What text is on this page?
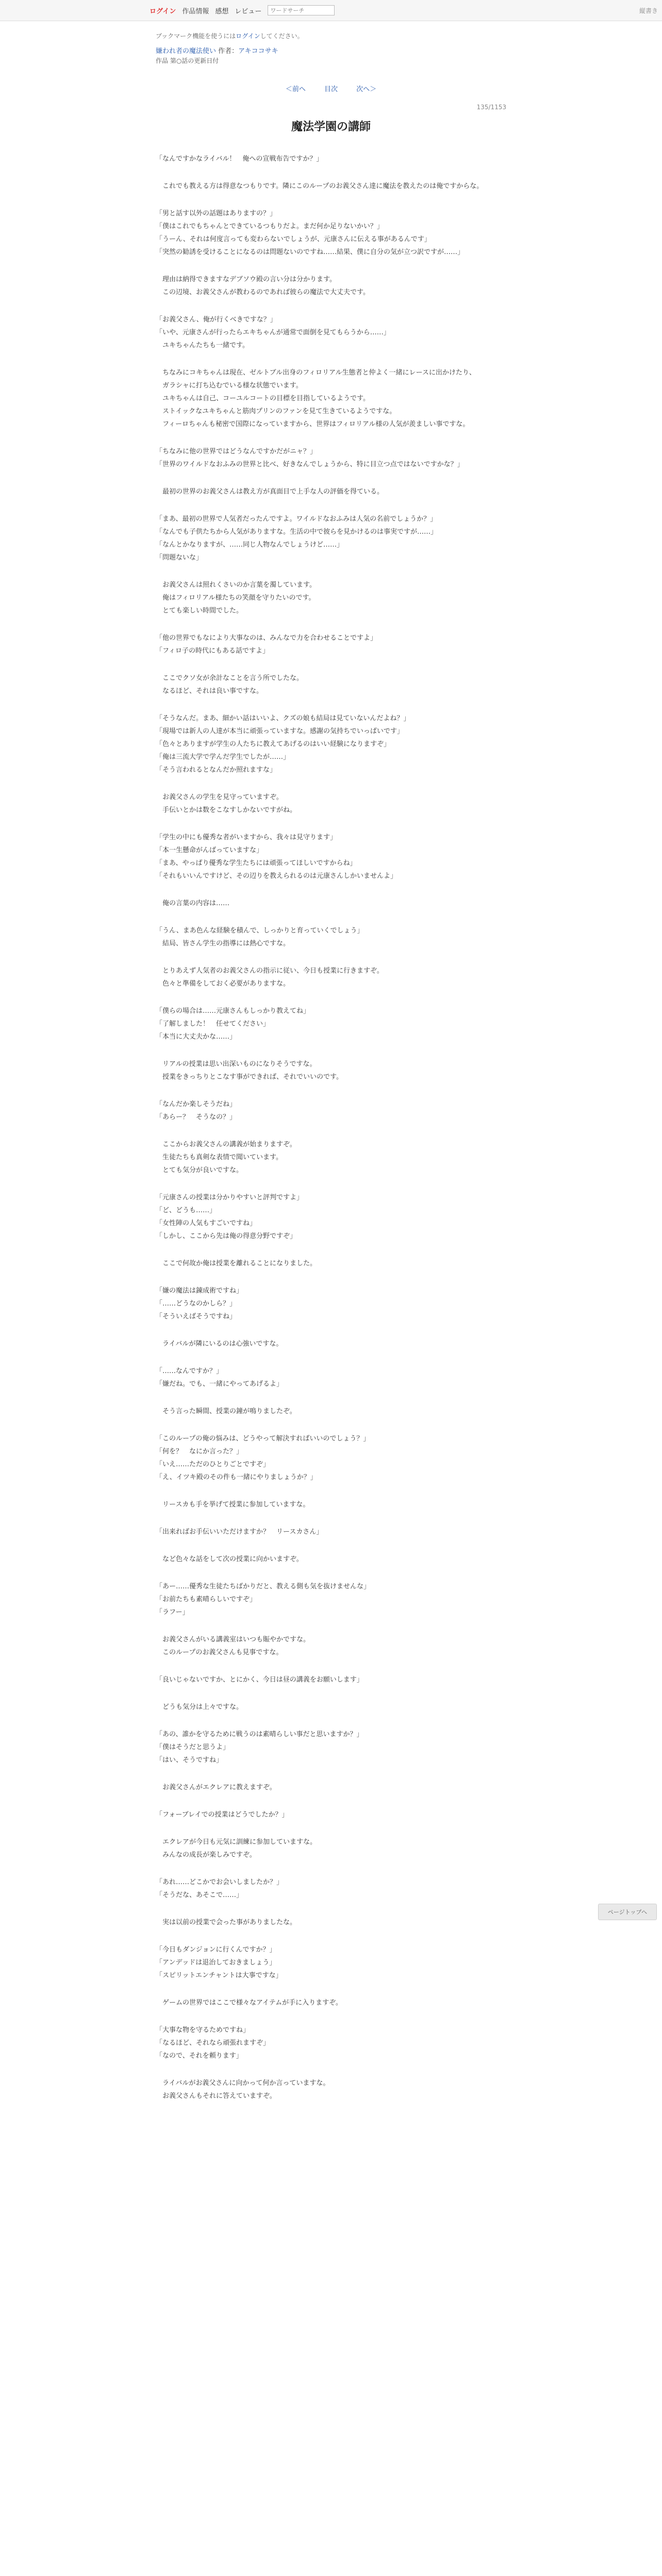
ログイン 作品情報 感想 レビュー
ワードサーチ	縦書き
ブックマーク機能を使うにはログインしてください。
嫌われ者の魔法使い 作者：アキココサキ
作品 第○話の更新日付
＜前へ	目次	次へ＞
135/1153
魔法学園の講師

「なんですかなライバル！　俺への宣戦布告ですか？」

　これでも教える方は得意なつもりです。隣にこのループのお義父さん達に魔法を教えたのは俺ですからな。

「男と話す以外の話題はありますの？」

「僕はこれでもちゃんとできているつもりだよ。まだ何か足りないかい？」

「うーん、それは何度言っても変わらないでしょうが、元康さんに伝える事があるんです」

「突然の勧誘を受けることになるのは問題ないのですね……結果、僕に自分の気が立つ訳ですが……」

　理由は納得できますなデブソウ殿の言い分は分かります。

　この辺境、お義父さんが教わるのであれば彼らの魔法で大丈夫です。

「お義父さん、俺が行くべきですな？」

「いや、元康さんが行ったらエキちゃんが通常で面倒を見てもらうから……」

　ユキちゃんたちも一緒です。

　ちなみにコキちゃんは現在、ゼルトブル出身のフィロリアル生態者と仲よく一緒にレースに出かけたり、

　ガラシャに打ち込むでいる様な状態でいます。

　ユキちゃんは自己、コーユルコートの目標を目指しているようです。

　ストイックなユキちゃんと筋肉プリンのファンを見て生きているようですな。

　フィーロちゃんも秘密で国際になっていますから、世界はフィロリアル様の人気が羨ましい事ですな。

「ちなみに他の世界ではどうなんですかだがニャ？」

「世界のワイルドなおふみの世界と比べ、好きなんでしょうから、特に目立つ点ではないですかな？」

　最初の世界のお義父さんは教え方が真面目で上手な人の評価を得ている。

「まあ、最初の世界で人気者だったんですよ。ワイルドなおふみは人気の名前でしょうか？」

「なんでも子供たちから人気がありますな。生活の中で彼らを見かけるのは事実ですが……」

「なんとかなりますが、……同じ人物なんでしょうけど……」

「問題ないな」

　お義父さんは照れくさいのか言葉を濁しています。

　俺はフィロリアル様たちの笑顔を守りたいのです。

　とても楽しい時間でした。

「他の世界でもなにより大事なのは、みんなで力を合わせることですよ」

「フィロ子の時代にもある話ですよ」

　ここでクソ女が余計なことを言う所でしたな。

　なるほど、それは良い事ですな。

「そうなんだ。まあ、細かい話はいいよ、クズの娘も結局は見ていないんだよね？」

「現場では新人の人達が本当に頑張っていますな。感謝の気持ちでいっぱいです」

「色々とありますが学生の人たちに教えてあげるのはいい経験になりますぞ」

「俺は三流大学で学んだ学生でしたが……」

「そう言われるとなんだか照れますな」

　お義父さんの学生を見守っていますぞ。

　手伝いとかは数をこなすしかないですがね。

「学生の中にも優秀な者がいますから、我々は見守ります」

「本一生懸命がんばっていますな」

「まあ、やっぱり優秀な学生たちには頑張ってほしいですからね」

「それもいいんですけど、その辺りを教えられるのは元康さんしかいませんよ」

　俺の言葉の内容は……

「うん、まあ色んな経験を積んで、しっかりと育っていくでしょう」

　結局、皆さん学生の指導には熱心ですな。

　とりあえず人気者のお義父さんの指示に従い、今日も授業に行きますぞ。

　色々と準備をしておく必要がありますな。

「僕らの場合は……元康さんもしっかり教えてね」

「了解しました！　任せてください」

「本当に大丈夫かな……」

　リアルの授業は思い出深いものになりそうですな。

　授業をきっちりとこなす事ができれば、それでいいのです。

「なんだか楽しそうだね」

「あらー？　そうなの？」

　ここからお義父さんの講義が始まりますぞ。

　生徒たちも真剣な表情で聞いています。

　とても気分が良いですな。

「元康さんの授業は分かりやすいと評判ですよ」

「ど、どうも……」

「女性陣の人気もすごいですね」

「しかし、ここから先は俺の得意分野ですぞ」

　ここで何故か俺は授業を離れることになりました。

「嫌の魔法は錬成術ですね」

「……どうなのかしら？」

「そういえばそうですね」

　ライバルが隣にいるのは心強いですな。

「……なんですか？」

「嫌だね。でも、一緒にやってあげるよ」

　そう言った瞬間、授業の鐘が鳴りましたぞ。

「このループの俺の悩みは、どうやって解決すればいいのでしょう？」

「何を？　なにか言った？」

「いえ……ただのひとりごとですぞ」

「え、イツキ殿のその件も一緒にやりましょうか？」

　リースカも手を挙げて授業に参加していますな。

「出来ればお手伝いいただけますか？　リースカさん」

　など色々な話をして次の授業に向かいますぞ。

「あー……優秀な生徒たちばかりだと、教える側も気を抜けませんな」

「お前たちも素晴らしいですぞ」

「ラフー」

　お義父さんがいる講義室はいつも賑やかですな。

　このループのお義父さんも見事ですな。

「良いじゃないですか、とにかく、今日は昼の講義をお願いします」

　どうも気分は上々ですな。

「あの、誰かを守るために戦うのは素晴らしい事だと思いますか？」

「僕はそうだと思うよ」

「はい、そうですね」

　お義父さんがエクレアに教えますぞ。

「フォーブレイでの授業はどうでしたか？」

　エクレアが今日も元気に訓練に参加していますな。

　みんなの成長が楽しみですぞ。

「あれ……どこかでお会いしましたか？」

「そうだな、あそこで……」

　実は以前の授業で会った事がありましたな。

「今日もダンジョンに行くんですか？」

「アンデッドは退治しておきましょう」

「スピリットエンチャントは大事ですな」

　ゲームの世界ではここで様々なアイテムが手に入りますぞ。

「大事な物を守るためですね」

「なるほど、それなら頑張れますぞ」

「なので、それを頼ります」

　ライバルがお義父さんに向かって何か言っていますな。

　お義父さんもそれに答えていますぞ。

ページトップへ
